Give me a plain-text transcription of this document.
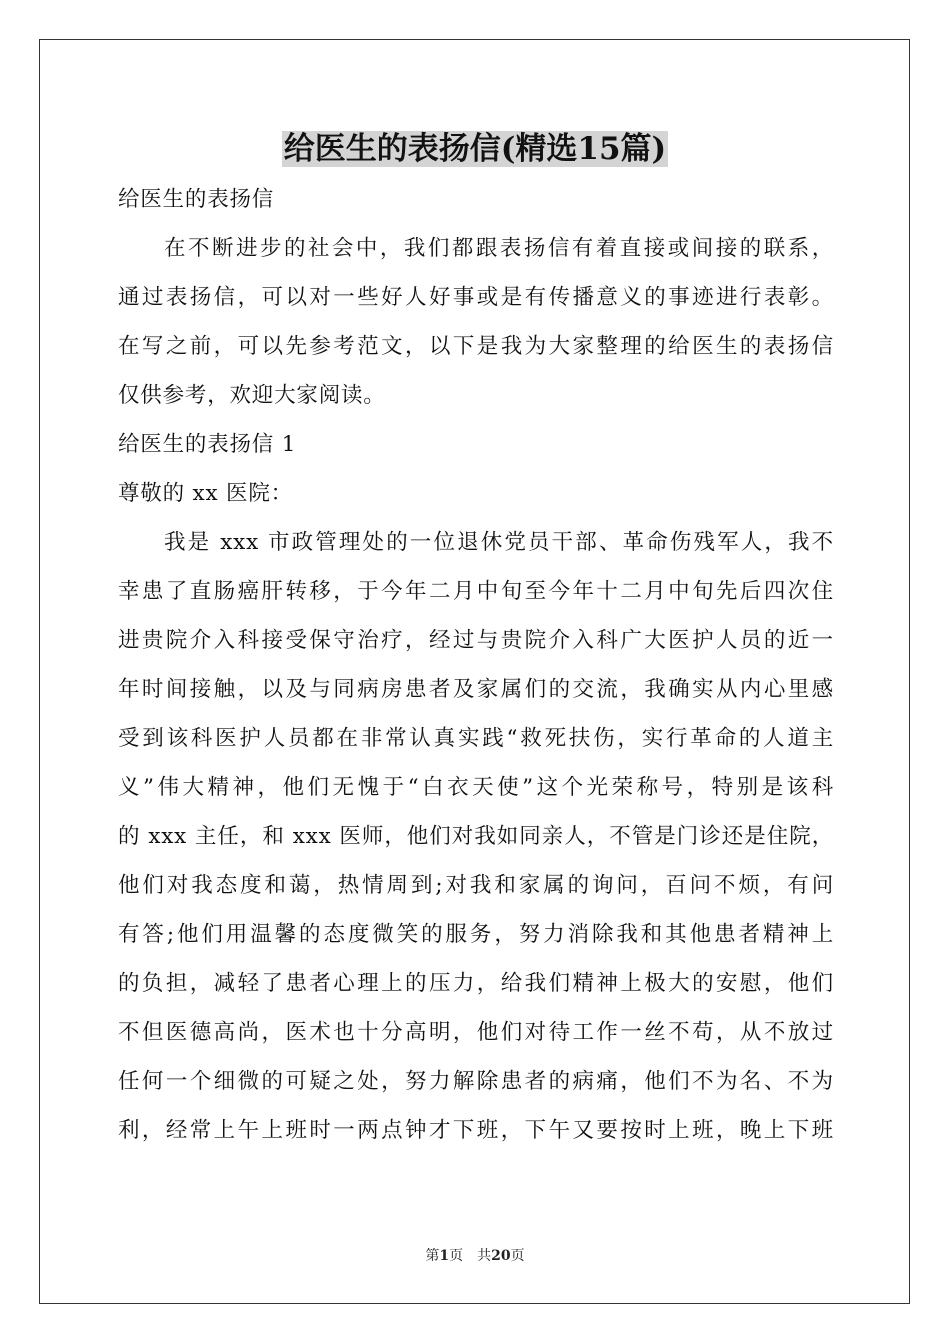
给医生的表扬信(精选15篇)
给医生的表扬信
在不断进步的社会中，我们都跟表扬信有着直接或间接的联系，
通过表扬信，可以对一些好人好事或是有传播意义的事迹进行表彰。
在写之前，可以先参考范文，以下是我为大家整理的给医生的表扬信
仅供参考，欢迎大家阅读。
给医生的表扬信 1
尊敬的 xx 医院：
我是 xxx 市政管理处的一位退休党员干部、革命伤残军人，我不
幸患了直肠癌肝转移，于今年二月中旬至今年十二月中旬先后四次住
进贵院介入科接受保守治疗，经过与贵院介入科广大医护人员的近一
年时间接触，以及与同病房患者及家属们的交流，我确实从内心里感
受到该科医护人员都在非常认真实践“救死扶伤，实行革命的人道主
义”伟大精神，他们无愧于“白衣天使”这个光荣称号，特别是该科
的 xxx 主任，和 xxx 医师，他们对我如同亲人，不管是门诊还是住院，
他们对我态度和蔼，热情周到;对我和家属的询问，百问不烦，有问
有答;他们用温馨的态度微笑的服务，努力消除我和其他患者精神上
的负担，减轻了患者心理上的压力，给我们精神上极大的安慰，他们
不但医德高尚，医术也十分高明，他们对待工作一丝不苟，从不放过
任何一个细微的可疑之处，努力解除患者的病痛，他们不为名、不为
利，经常上午上班时一两点钟才下班，下午又要按时上班，晚上下班
第1页　共20页
